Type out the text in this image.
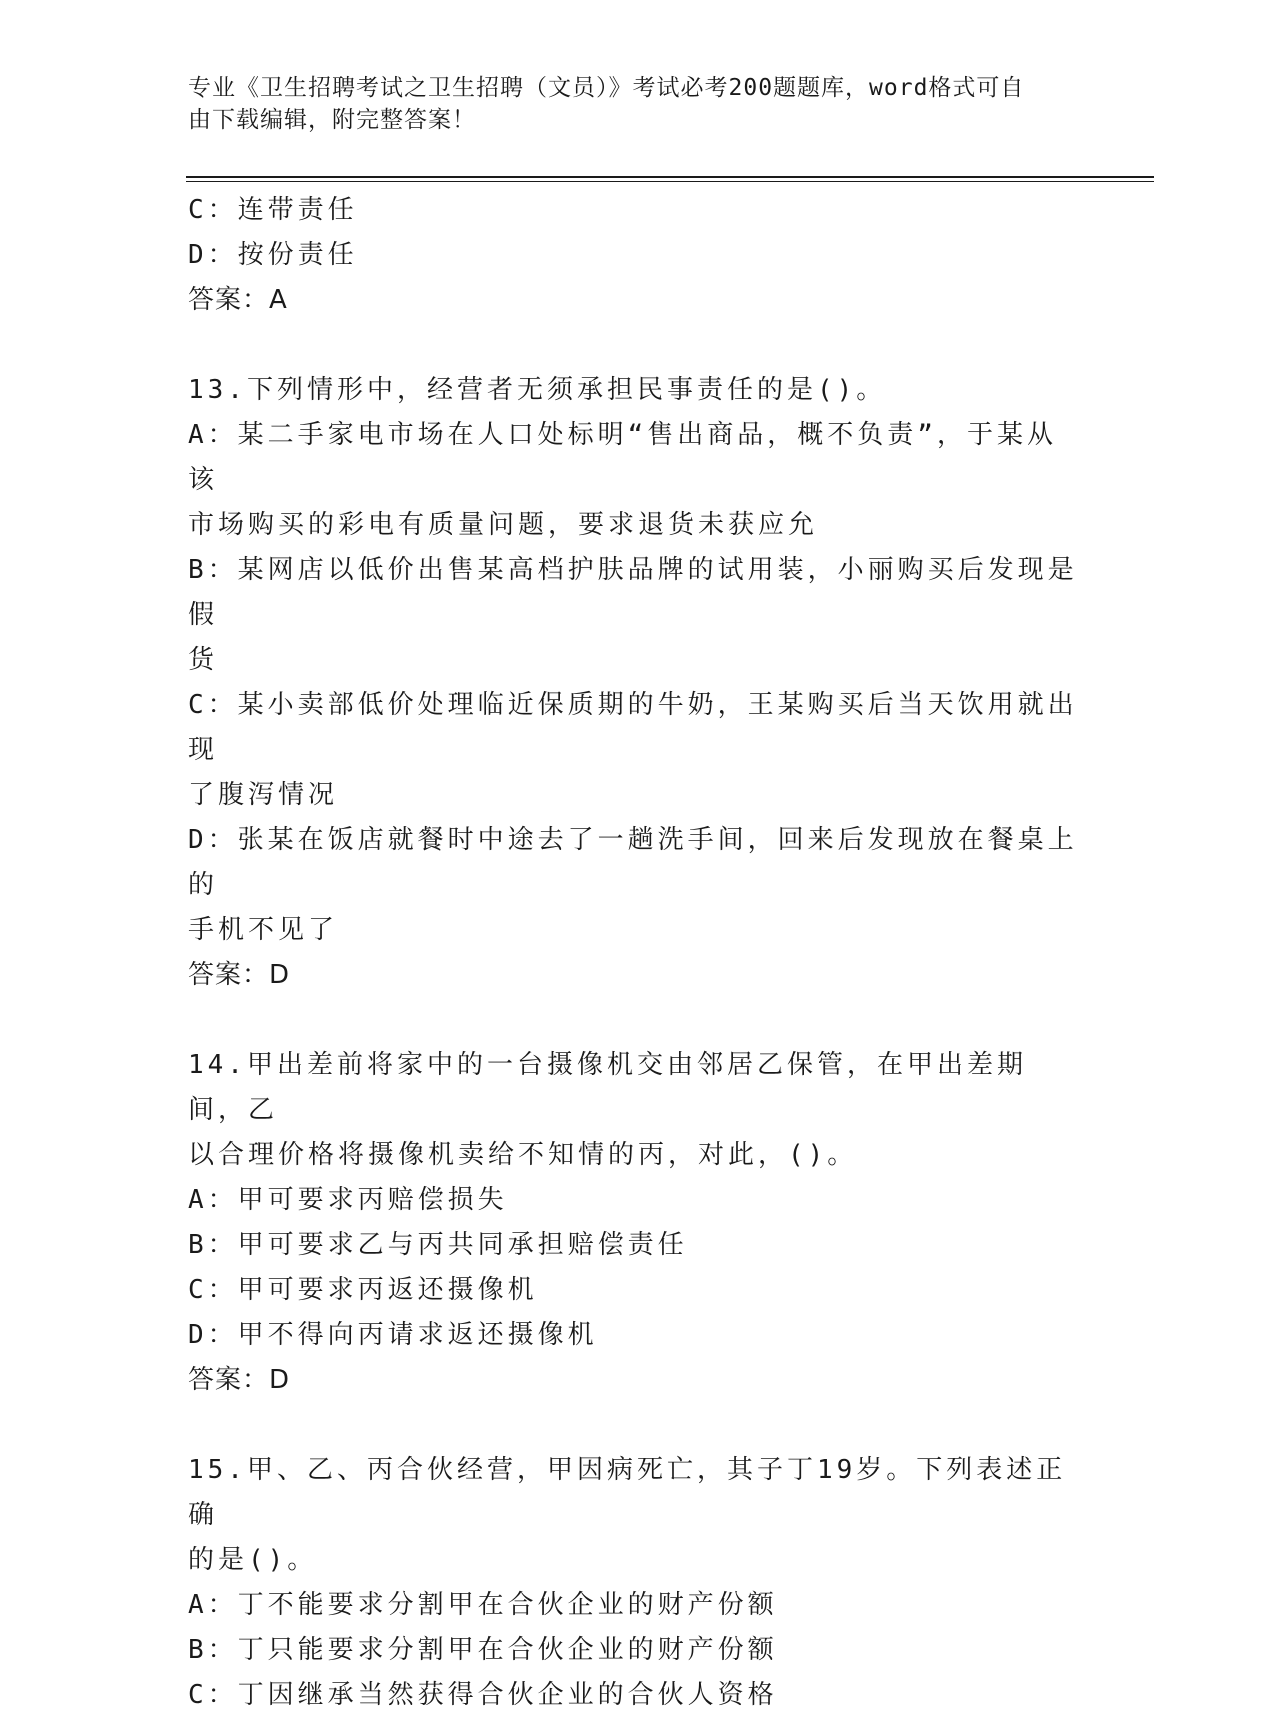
专业《卫生招聘考试之卫生招聘（文员）》考试必考200题题库，word格式可自
由下载编辑，附完整答案！
C：连带责任
D：按份责任
答案：A
13.下列情形中，经营者无须承担民事责任的是()。
A：某二手家电市场在人口处标明“售出商品，概不负责”，于某从该
市场购买的彩电有质量问题，要求退货未获应允
B：某网店以低价出售某高档护肤品牌的试用装，小丽购买后发现是假
货
C：某小卖部低价处理临近保质期的牛奶，王某购买后当天饮用就出现
了腹泻情况
D：张某在饭店就餐时中途去了一趟洗手间，回来后发现放在餐桌上的
手机不见了
答案：D
14.甲出差前将家中的一台摄像机交由邻居乙保管，在甲出差期间，乙
以合理价格将摄像机卖给不知情的丙，对此，()。
A：甲可要求丙赔偿损失
B：甲可要求乙与丙共同承担赔偿责任
C：甲可要求丙返还摄像机
D：甲不得向丙请求返还摄像机
答案：D
15.甲、乙、丙合伙经营，甲因病死亡，其子丁19岁。下列表述正确
的是()。
A：丁不能要求分割甲在合伙企业的财产份额
B：丁只能要求分割甲在合伙企业的财产份额
C：丁因继承当然获得合伙企业的合伙人资格
